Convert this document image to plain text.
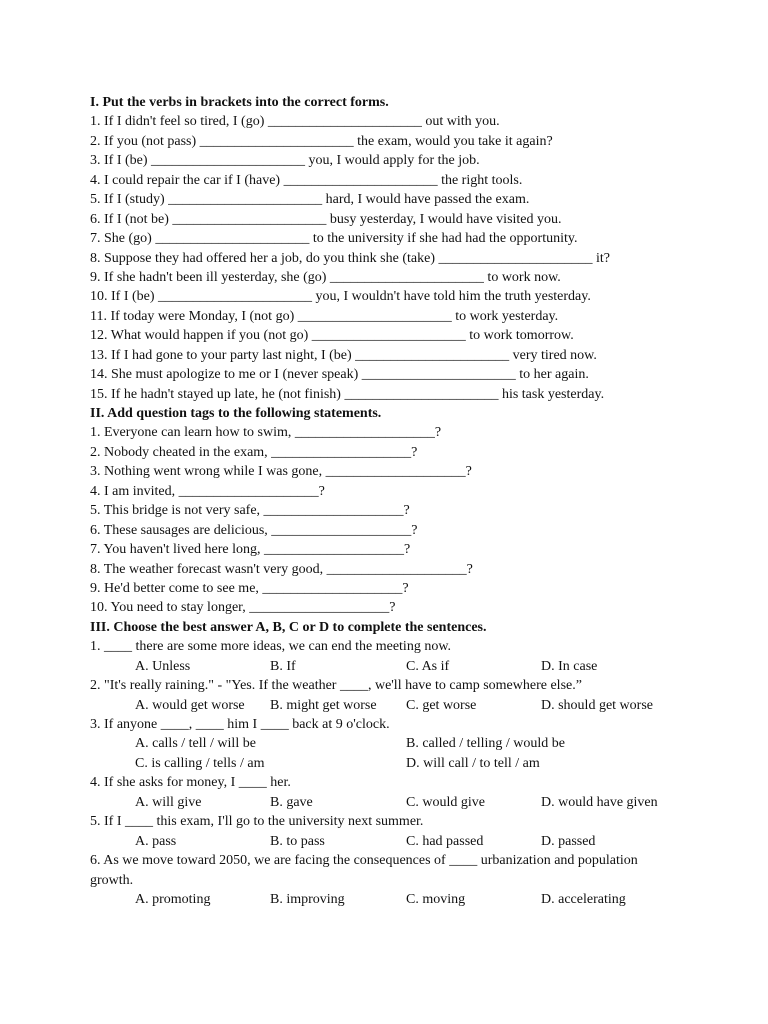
I. Put the verbs in brackets into the correct forms.
1. If I didn't feel so tired, I (go) ______________________ out with you.
2. If you (not pass) ______________________ the exam, would you take it again?
3. If I (be) ______________________ you, I would apply for the job.
4. I could repair the car if I (have) ______________________ the right tools.
5. If I (study) ______________________ hard, I would have passed the exam.
6. If I (not be) ______________________ busy yesterday, I would have visited you.
7. She (go) ______________________ to the university if she had had the opportunity.
8. Suppose they had offered her a job, do you think she (take) ______________________ it?
9. If she hadn't been ill yesterday, she (go) ______________________ to work now.
10. If I (be) ______________________ you, I wouldn't have told him the truth yesterday.
11. If today were Monday, I (not go) ______________________ to work yesterday.
12. What would happen if you (not go) ______________________ to work tomorrow.
13. If I had gone to your party last night, I (be) ______________________ very tired now.
14. She must apologize to me or I (never speak) ______________________ to her again.
15. If he hadn't stayed up late, he (not finish) ______________________ his task yesterday.
II. Add question tags to the following statements.
1. Everyone can learn how to swim, ____________________?
2. Nobody cheated in the exam, ____________________?
3. Nothing went wrong while I was gone, ____________________?
4. I am invited, ____________________?
5. This bridge is not very safe, ____________________?
6. These sausages are delicious, ____________________?
7. You haven't lived here long, ____________________?
8. The weather forecast wasn't very good, ____________________?
9. He'd better come to see me, ____________________?
10. You need to stay longer, ____________________?
III. Choose the best answer A, B, C or D to complete the sentences.
1. ____ there are some more ideas, we can end the meeting now.
A. Unless	B. If	C. As if	D. In case
2. "It's really raining." - "Yes. If the weather ____, we'll have to camp somewhere else.”
A. would get worse B. might get worse C. get worse	D. should get worse
3. If anyone ____, ____ him I ____ back at 9 o'clock.
A. calls / tell / will be	B. called / telling / would be
C. is calling / tells / am	D. will call / to tell / am
4. If she asks for money, I ____ her.
A. will give	B. gave	C. would give	D. would have given
5. If I ____ this exam, I'll go to the university next summer.
A. pass	B. to pass	C. had passed	D. passed
6. As we move toward 2050, we are facing the consequences of ____ urbanization and population growth.
A. promoting	B. improving	C. moving	D. accelerating
